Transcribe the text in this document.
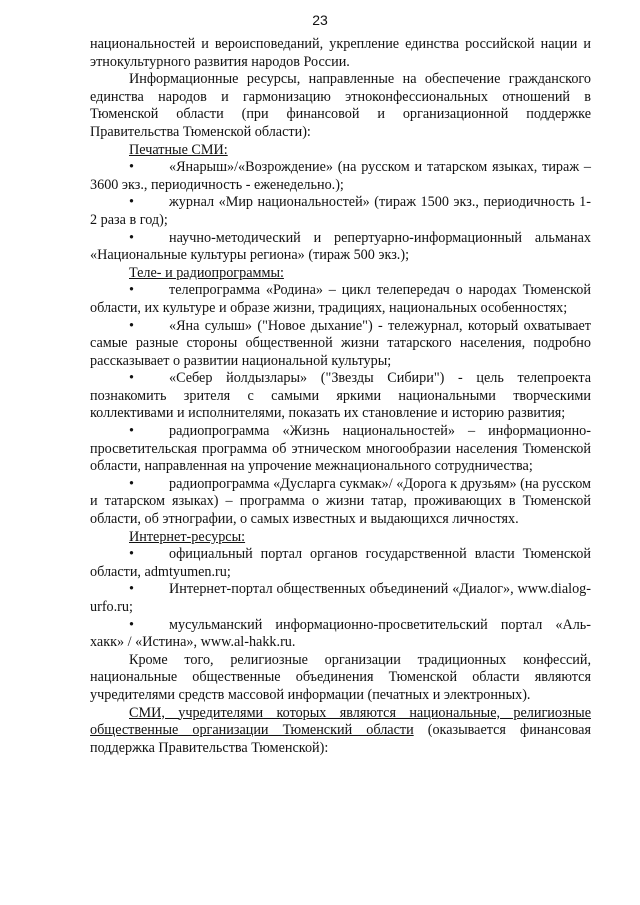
23

национальностей и вероисповеданий, укрепление единства российской нации и этнокультурного развития народов России.

Информационные ресурсы, направленные на обеспечение гражданского единства народов и гармонизацию этноконфессиональных отношений в Тюменской области (при финансовой и организационной поддержке Правительства Тюменской области):

Печатные СМИ:

• «Янарыш»/«Возрождение» (на русском и татарском языках, тираж – 3600 экз., периодичность - еженедельно.);

• журнал «Мир национальностей» (тираж 1500 экз., периодичность 1- 2 раза в год);

• научно-методический и репертуарно-информационный альманах «Национальные культуры региона» (тираж 500 экз.);

Теле- и радиопрограммы:

• телепрограмма «Родина» – цикл телепередач о народах Тюменской области, их культуре и образе жизни, традициях, национальных особенностях;

• «Яна сулыш» ("Новое дыхание") - тележурнал, который охватывает самые разные стороны общественной жизни татарского населения, подробно рассказывает о развитии национальной культуры;

• «Себер йолдызлары» ("Звезды Сибири") - цель телепроекта познакомить зрителя с самыми яркими национальными творческими коллективами и исполнителями, показать их становление и историю развития;

• радиопрограмма «Жизнь национальностей» – информационно-просветительская программа об этническом многообразии населения Тюменской области, направленная на упрочение межнационального сотрудничества;

• радиопрограмма «Дусларга сукмак»/ «Дорога к друзьям» (на русском и татарском языках) – программа о жизни татар, проживающих в Тюменской области, об этнографии, о самых известных и выдающихся личностях.

Интернет-ресурсы:

• официальный портал органов государственной власти Тюменской области, admtyumen.ru;

• Интернет-портал общественных объединений «Диалог», www.dialog-urfo.ru;

• мусульманский информационно-просветительский портал «Аль-хакк» / «Истина», www.al-hakk.ru.

Кроме того, религиозные организации традиционных конфессий, национальные общественные объединения Тюменской области являются учредителями средств массовой информации (печатных и электронных).

СМИ, учредителями которых являются национальные, религиозные общественные организации Тюменский области (оказывается финансовая поддержка Правительства Тюменской):
